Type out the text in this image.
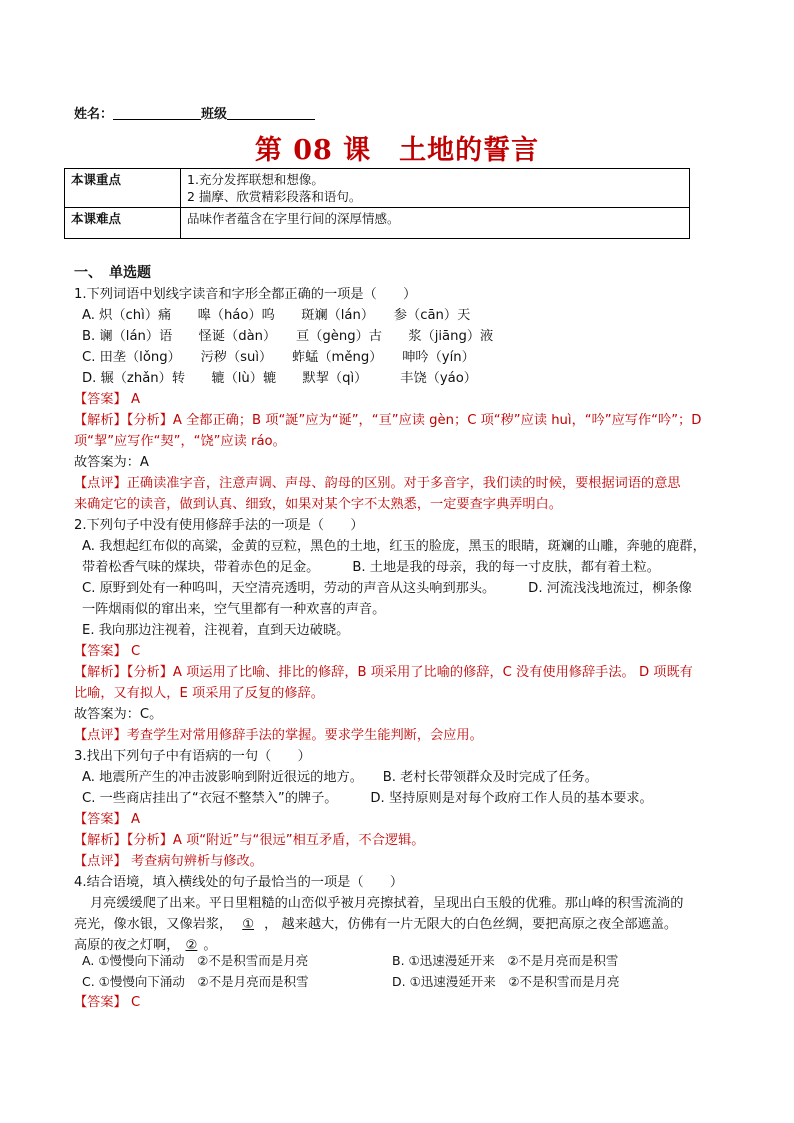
姓名：	班级
第 08 课　土地的誓言
本课重点	1.充分发挥联想和想像。
2 揣摩、欣赏精彩段落和语句。

本课难点	品味作者蕴含在字里行间的深厚情感。
一、　单选题
1.下列词语中划线字读音和字形全都正确的一项是（　　）
A. 炽（chì）痛　　嗥（háo）呜　　斑斓（lán）　　参（cān）天
B. 谰（lán）语　　怪诞（dàn）　　亘（gèng）古　　浆（jiāng）液
C. 田垄（lǒng）　　污秽（suì）　　蚱蜢（měng）　　呻吟（yín）
D. 辗（zhǎn）转　　辘（lù）辘　　默挈（qì）　　　丰饶（yáo）
【答案】 A
【解析】【分析】A 全都正确；B 项“誕”应为“诞”，“亘”应读 gèn；C 项“秽”应读 huì，“吟”应写作“吟”；D
项“挈”应写作“契”，“饶”应读 ráo。
故答案为：A
【点评】正确读准字音，注意声调、声母、韵母的区别。对于多音字，我们读的时候，要根据词语的意思
来确定它的读音，做到认真、细致，如果对某个字不太熟悉，一定要查字典弄明白。
2.下列句子中没有使用修辞手法的一项是（　　）
A. 我想起红布似的高粱，金黄的豆粒，黑色的土地，红玉的脸庞，黑玉的眼睛，斑斓的山雕，奔驰的鹿群，
带着松香气味的煤块，带着赤色的足金。　　　B. 土地是我的母亲，我的每一寸皮肤，都有着土粒。
C. 原野到处有一种呜叫，天空清亮透明，劳动的声音从这头响到那头。　　　D. 河流浅浅地流过，柳条像
一阵烟雨似的窜出来，空气里都有一种欢喜的声音。
E. 我向那边注视着，注视着，直到天边破晓。
【答案】 C
【解析】【分析】A 项运用了比喻、排比的修辞，B 项采用了比喻的修辞，C 没有使用修辞手法。 D 项既有
比喻，又有拟人，E 项采用了反复的修辞。
故答案为：C。
【点评】考查学生对常用修辞手法的掌握。要求学生能判断，会应用。
3.找出下列句子中有语病的一句（　　）
A. 地震所产生的冲击波影响到附近很远的地方。　　B. 老村长带领群众及时完成了任务。
C. 一些商店挂出了“衣冠不整禁入”的牌子。　　　D. 坚持原则是对每个政府工作人员的基本要求。
【答案】 A
【解析】【分析】A 项“附近”与“很远”相互矛盾，不合逻辑。
【点评】 考查病句辨析与修改。
4.结合语境，填入横线处的句子最恰当的一项是（　　）
月亮缓缓爬了出来。平日里粗糙的山峦似乎被月亮擦拭着，呈现出白玉般的优雅。那山峰的积雪流淌的
亮光，像水银，又像岩浆， ① ， 越来越大，仿佛有一片无限大的白色丝绸，要把高原之夜全部遮盖。
高原的夜之灯啊， ② 。
A. ①慢慢向下涌动　②不是积雪而是月亮	B. ①迅速漫延开来　②不是月亮而是积雪
C. ①慢慢向下涌动　②不是月亮而是积雪	D. ①迅速漫延开来　②不是积雪而是月亮
【答案】 C
